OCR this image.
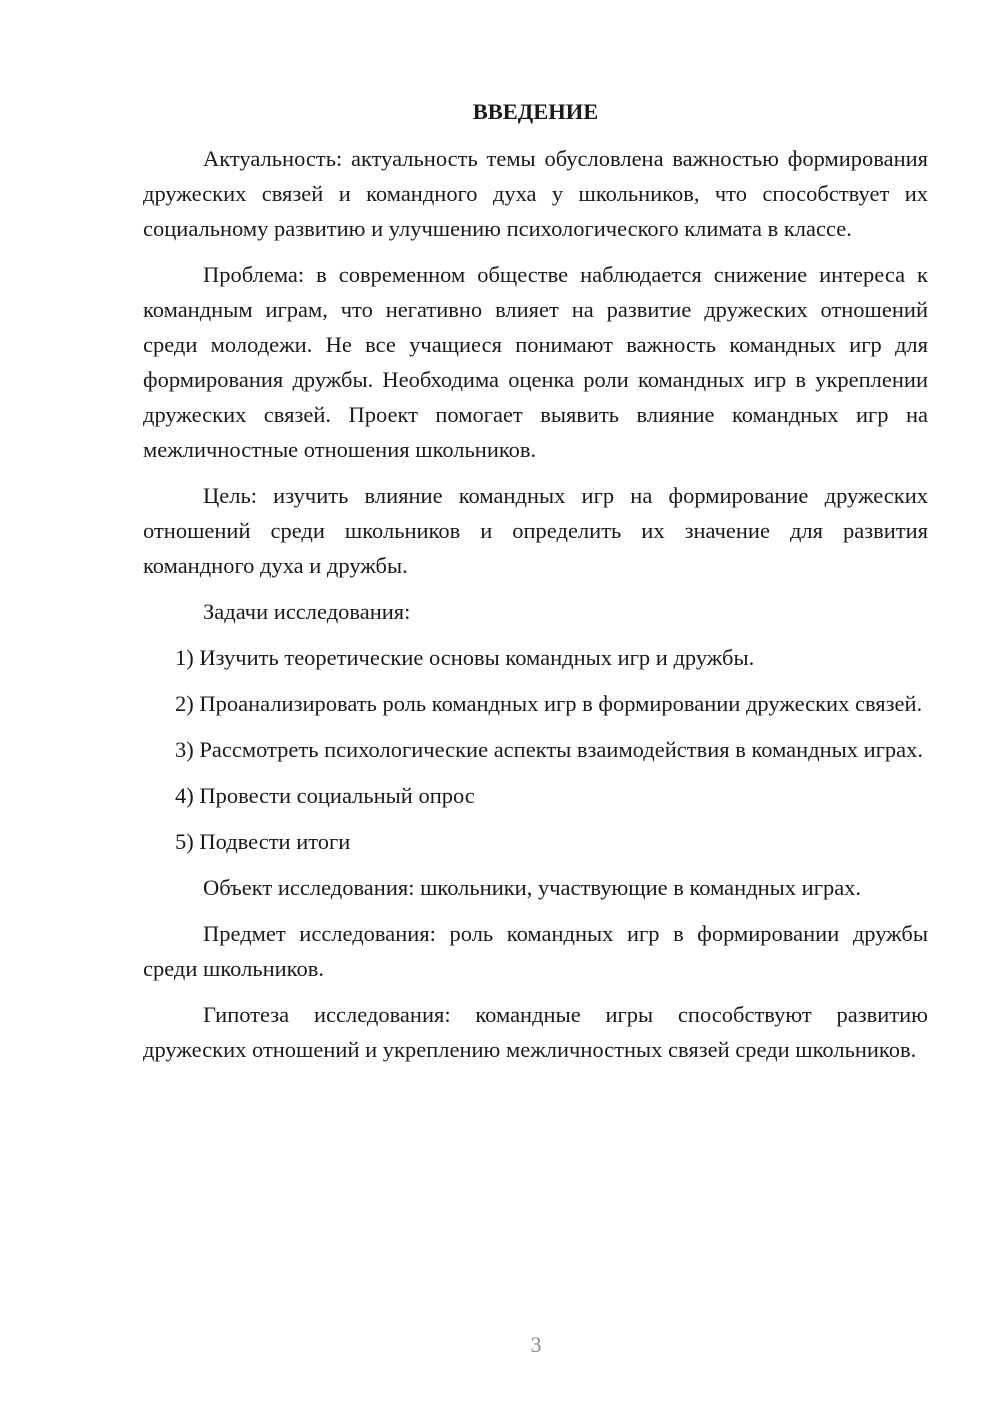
ВВЕДЕНИЕ

Актуальность: актуальность темы обусловлена важностью формирования дружеских связей и командного духа у школьников, что способствует их социальному развитию и улучшению психологического климата в классе.

Проблема: в современном обществе наблюдается снижение интереса к командным играм, что негативно влияет на развитие дружеских отношений среди молодежи. Не все учащиеся понимают важность командных игр для формирования дружбы. Необходима оценка роли командных игр в укреплении дружеских связей. Проект помогает выявить влияние командных игр на межличностные отношения школьников.

Цель: изучить влияние командных игр на формирование дружеских отношений среди школьников и определить их значение для развития командного духа и дружбы.

Задачи исследования:

1) Изучить теоретические основы командных игр и дружбы.

2) Проанализировать роль командных игр в формировании дружеских связей.

3) Рассмотреть психологические аспекты взаимодействия в командных играх.

4) Провести социальный опрос

5) Подвести итоги

Объект исследования: школьники, участвующие в командных играх.

Предмет исследования: роль командных игр в формировании дружбы среди школьников.

Гипотеза исследования: командные игры способствуют развитию дружеских отношений и укреплению межличностных связей среди школьников.

3
